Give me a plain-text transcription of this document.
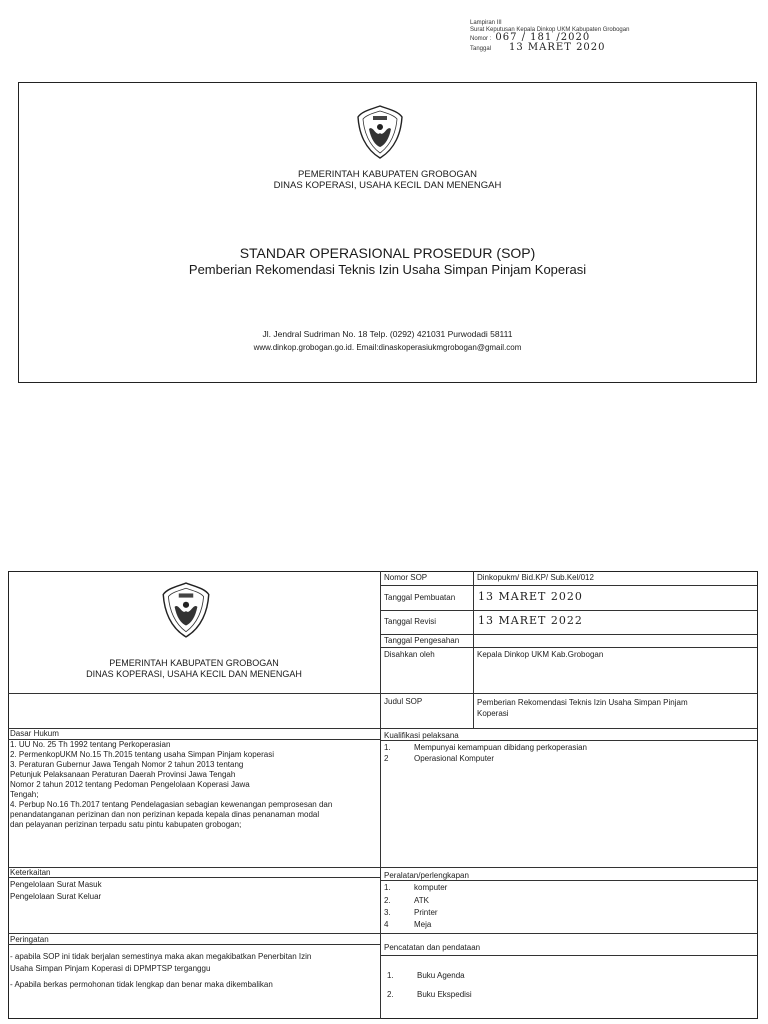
Lampiran III
Surat Keputusan Kepala Dinkop UKM Kabupaten Grobogan
Nomor : 067 / 181 /2020
Tanggal 13 MARET 2020
PEMERINTAH KABUPATEN GROBOGAN
DINAS KOPERASI, USAHA KECIL DAN MENENGAH
STANDAR OPERASIONAL PROSEDUR (SOP)
Pemberian Rekomendasi Teknis Izin Usaha Simpan Pinjam Koperasi
Jl. Jendral Sudriman No. 18 Telp. (0292) 421031 Purwodadi 58111
www.dinkop.grobogan.go.id. Email:dinaskoperasiukmgrobogan@gmail.com
PEMERINTAH KABUPATEN GROBOGAN
DINAS KOPERASI, USAHA KECIL DAN MENENGAH
Nomor SOP	Dinkopukm/ Bid.KP/ Sub.Kel/012
Tanggal Pembuatan 13 MARET 2020
Tanggal Revisi	13 MARET 2022
Tanggal Pengesahan
Disahkan oleh	Kepala Dinkop UKM Kab.Grobogan
Judul SOP	Pemberian Rekomendasi Teknis Izin Usaha Simpan Pinjam
Koperasi
Dasar Hukum
1. UU No. 25 Th 1992 tentang Perkoperasian
2. PermenkopUKM No.15 Th.2015 tentang usaha Simpan Pinjam koperasi
3. Peraturan Gubernur Jawa Tengah Nomor 2 tahun 2013 tentang
Petunjuk Pelaksanaan Peraturan Daerah Provinsi Jawa Tengah
Nomor 2 tahun 2012 tentang Pedoman Pengelolaan Koperasi Jawa
Tengah;
4. Perbup No.16 Th.2017 tentang Pendelagasian sebagian kewenangan pemprosesan dan
penandatanganan perizinan dan non perizinan kepada kepala dinas penanaman modal
dan pelayanan perizinan terpadu satu pintu kabupaten grobogan;
Kualifikasi pelaksana
1.	Mempunyai kemampuan dibidang perkoperasian
2	Operasional Komputer
Keterkaitan
Pengelolaan Surat Masuk
Pengelolaan Surat Keluar
Peralatan/perlengkapan
1.	komputer
2.	ATK
3.	Printer
4	Meja
Peringatan
- apabila SOP ini tidak berjalan semestinya maka akan megakibatkan Penerbitan Izin
Usaha Simpan Pinjam Koperasi di DPMPTSP terganggu
- Apabila berkas permohonan tidak lengkap dan benar maka dikembalikan
Pencatatan dan pendataan
1.	Buku Agenda
2.	Buku Ekspedisi
